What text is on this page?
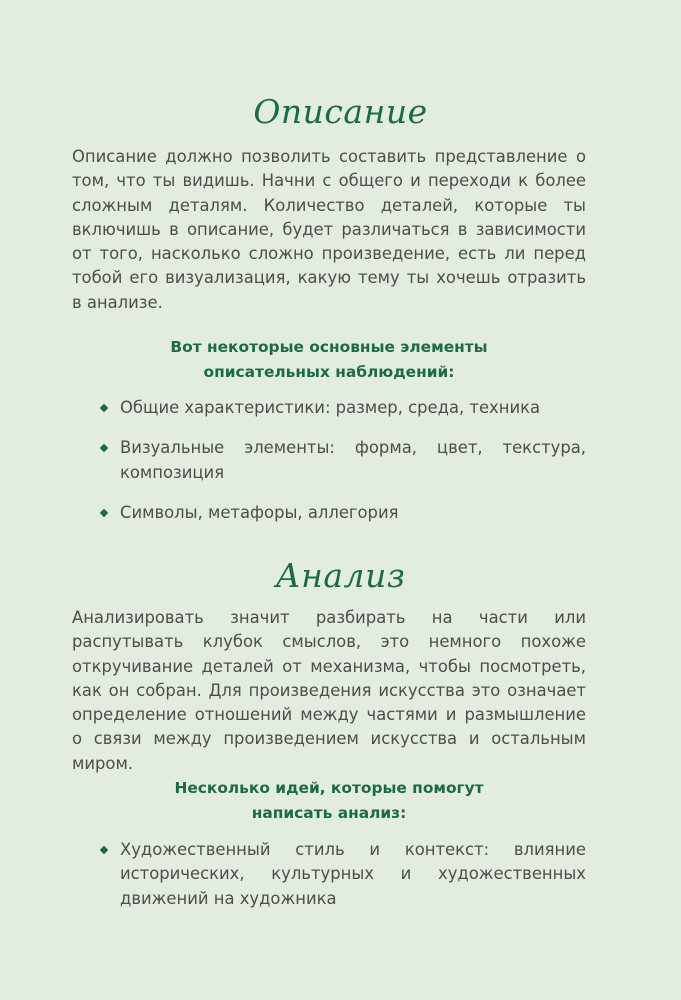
Описание

Описание должно позволить составить представление о том, что ты видишь. Начни с общего и переходи к более сложным деталям. Количество деталей, которые ты включишь в описание, будет различаться в зависимости от того, насколько сложно произведение, есть ли перед тобой его визуализация, какую тему ты хочешь отразить в анализе.

Вот некоторые основные элементы
описательных наблюдений:
Общие характеристики: размер, среда, техника
Визуальные элементы: форма, цвет, текстура, композиция
Символы, метафоры, аллегория
Анализ

Анализировать значит разбирать на части или распутывать клубок смыслов, это немного похоже откручивание деталей от механизма, чтобы посмотреть, как он собран. Для произведения искусства это означает определение отношений между частями и размышление о связи между произведением искусства и остальным миром.

Несколько идей, которые помогут
написать анализ:
Художественный стиль и контекст: влияние исторических, культурных и художественных движений на художника
